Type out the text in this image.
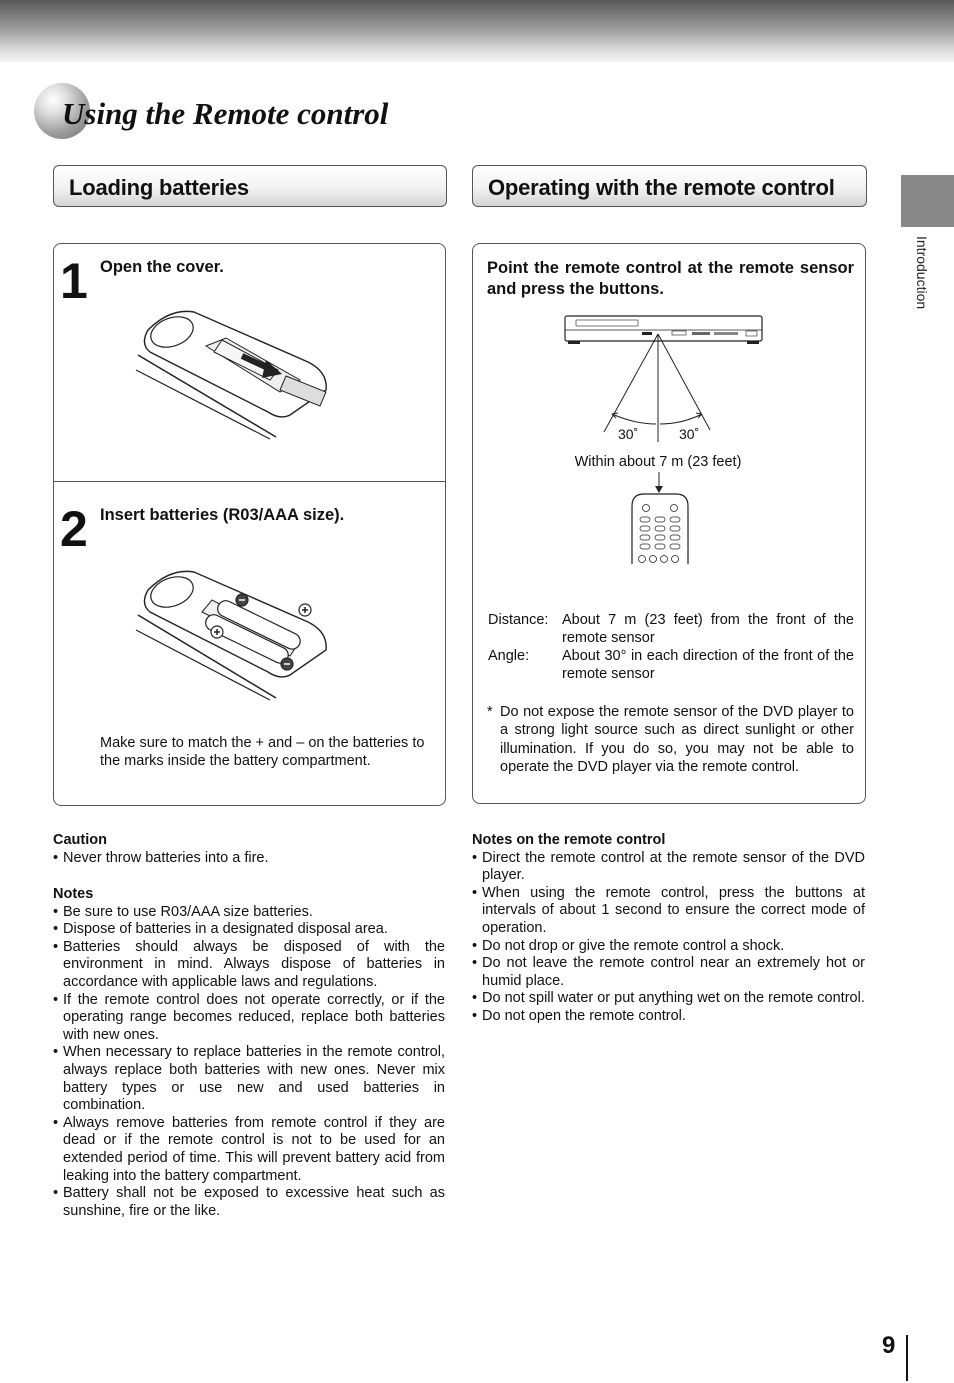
Using the Remote control
Introduction
Loading batteries	Operating with the remote control
1 Open the cover.
2 Insert batteries (R03/AAA size).
Make sure to match the + and – on the batteries to the marks inside the battery compartment.
Point the remote control at the remote sensor and press the buttons.
30˚	30˚
Within about 7 m (23 feet)
Distance:	About 7 m (23 feet) from the front of the remote sensor
Angle:	About 30° in each direction of the front of the remote sensor
* Do not expose the remote sensor of the DVD player to a strong light source such as direct sunlight or other illumination. If you do so, you may not be able to operate the DVD player via the remote control.
Caution
• Never throw batteries into a fire.
Notes
• Be sure to use R03/AAA size batteries.
• Dispose of batteries in a designated disposal area.
• Batteries should always be disposed of with the environment in mind. Always dispose of batteries in accordance with applicable laws and regulations.
• If the remote control does not operate correctly, or if the operating range becomes reduced, replace both batteries with new ones.
• When necessary to replace batteries in the remote control, always replace both batteries with new ones. Never mix battery types or use new and used batteries in combination.
• Always remove batteries from remote control if they are dead or if the remote control is not to be used for an extended period of time. This will prevent battery acid from leaking into the battery compartment.
• Battery shall not be exposed to excessive heat such as sunshine, fire or the like.
Notes on the remote control
• Direct the remote control at the remote sensor of the DVD player.
• When using the remote control, press the buttons at intervals of about 1 second to ensure the correct mode of operation.
• Do not drop or give the remote control a shock.
• Do not leave the remote control near an extremely hot or humid place.
• Do not spill water or put anything wet on the remote control.
• Do not open the remote control.
9
